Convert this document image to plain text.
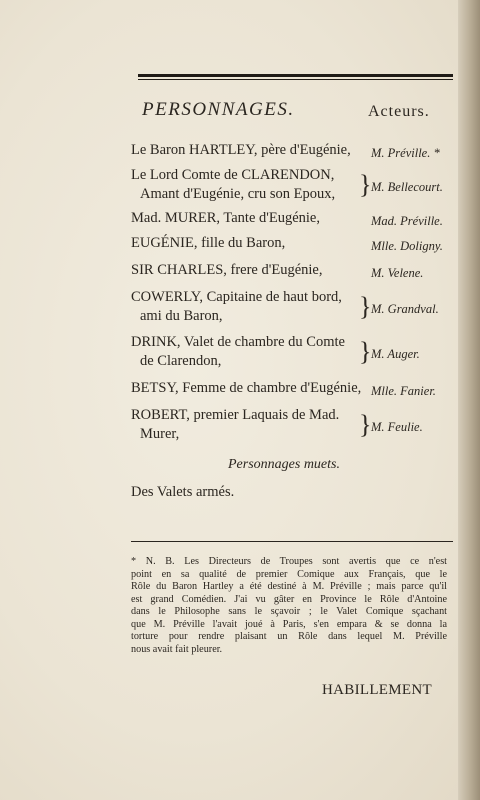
PERSONNAGES.	Acteurs.
Le Baron HARTLEY, père d'Eugénie,	M. Préville. *
Le Lord Comte de CLARENDON,
Amant d'Eugénie, cru son Epoux, } M. Bellecourt.
Mad. MURER, Tante d'Eugénie,	Mad. Préville.
EUGÉNIE, fille du Baron,	Mlle. Doligny.
SIR CHARLES, frere d'Eugénie,	M. Velene.
COWERLY, Capitaine de haut bord,
ami du Baron,	} M. Grandval.
DRINK, Valet de chambre du Comte
de Clarendon,	} M. Auger.
BETSY, Femme de chambre d'Eugénie, Mlle. Fanier.
ROBERT, premier Laquais de Mad.
Murer,	} M. Feulie.
Personnages muets.
Des Valets armés.
* N. B. Les Directeurs de Troupes sont avertis que ce n'est
point en sa qualité de premier Comique aux Français, que le
Rôle du Baron Hartley a été destiné à M. Préville ; mais parce qu'il
est grand Comédien. J'ai vu gâter en Province le Rôle d'Antoine
dans le Philosophe sans le sçavoir ; le Valet Comique sçachant
que M. Préville l'avait joué à Paris, s'en empara & se donna la
torture pour rendre plaisant un Rôle dans lequel M. Préville
nous avait fait pleurer.
HABILLEMENT
